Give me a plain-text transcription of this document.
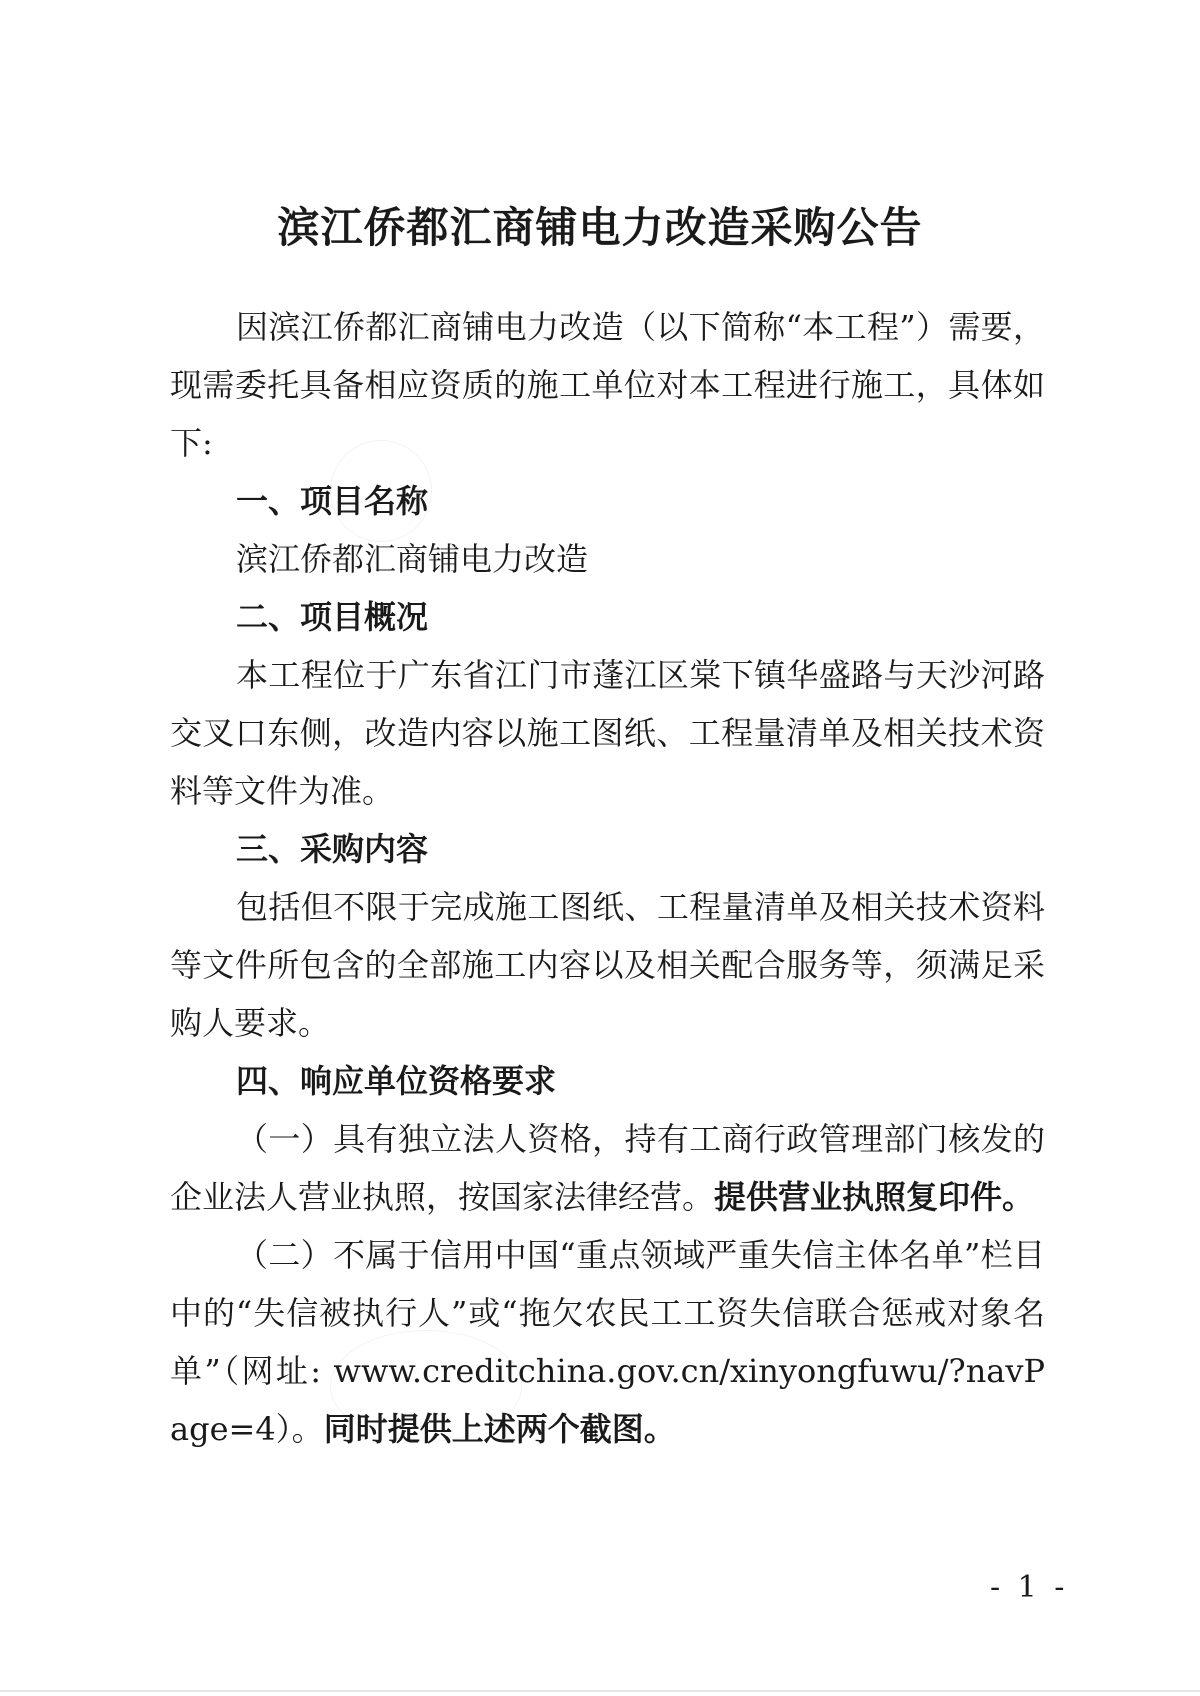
滨江侨都汇商铺电力改造采购公告

因滨江侨都汇商铺电力改造（以下简称“本工程”）需要，现需委托具备相应资质的施工单位对本工程进行施工，具体如下:

一、项目名称

滨江侨都汇商铺电力改造

二、项目概况

本工程位于广东省江门市蓬江区棠下镇华盛路与天沙河路交叉口东侧，改造内容以施工图纸、工程量清单及相关技术资料等文件为准。

三、采购内容

包括但不限于完成施工图纸、工程量清单及相关技术资料等文件所包含的全部施工内容以及相关配合服务等，须满足采购人要求。

四、响应单位资格要求

（一）具有独立法人资格，持有工商行政管理部门核发的企业法人营业执照，按国家法律经营。提供营业执照复印件。

（二）不属于信用中国“重点领域严重失信主体名单”栏目中的“失信被执行人”或“拖欠农民工工资失信联合惩戒对象名单”（网址: www.creditchina.gov.cn/xinyongfuwu/?navPage=4）。同时提供上述两个截图。

- 1 -
